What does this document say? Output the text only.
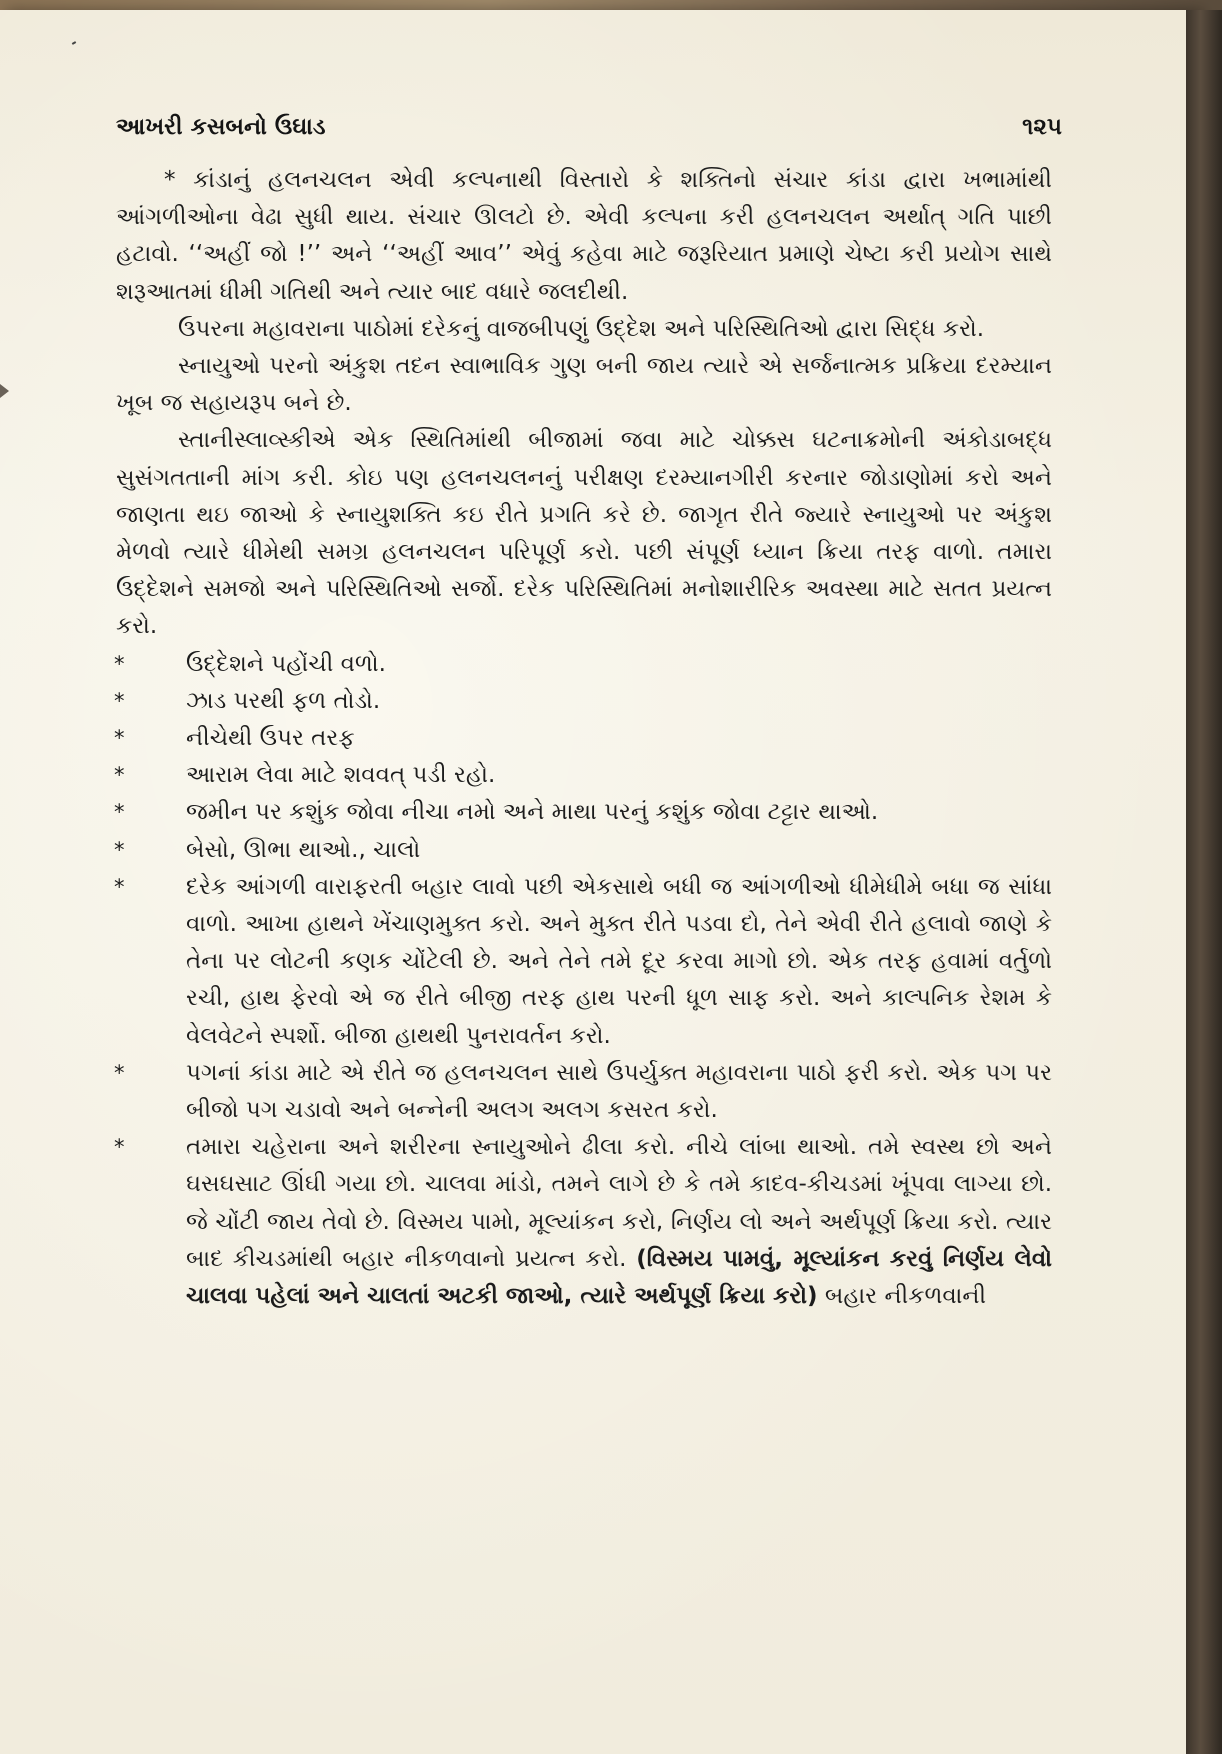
આખરી કસબનો ઉઘાડ	૧૨૫

* કાંડાનું હલનચલન એવી કલ્પનાથી વિસ્તારો કે શક્તિનો સંચાર કાંડા દ્વારા ખભામાંથી આંગળીઓના વેઢા સુધી થાય. સંચાર ઊલટો છે. એવી કલ્પના કરી હલનચલન અર્થાત્ ગતિ પાછી હટાવો. ‘‘અહીં જો !’’ અને ‘‘અહીં આવ’’ એવું કહેવા માટે જરૂરિયાત પ્રમાણે ચેષ્ટા કરી પ્રયોગ સાથે શરૂઆતમાં ધીમી ગતિથી અને ત્યાર બાદ વધારે જલદીથી.

ઉપરના મહાવરાના પાઠોમાં દરેકનું વાજબીપણું ઉદ્દેશ અને પરિસ્થિતિઓ દ્વારા સિદ્ધ કરો.

સ્નાયુઓ પરનો અંકુશ તદન સ્વાભાવિક ગુણ બની જાય ત્યારે એ સર્જનાત્મક પ્રક્રિયા દરમ્યાન ખૂબ જ સહાયરૂપ બને છે.

સ્તાનીસ્લાવ્સ્કીએ એક સ્થિતિમાંથી બીજામાં જવા માટે ચોક્કસ ઘટનાક્રમોની અંકોડાબદ્ધ સુસંગતતાની માંગ કરી. કોઇ પણ હલનચલનનું પરીક્ષણ દરમ્યાનગીરી કરનાર જોડાણોમાં કરો અને જાણતા થઇ જાઓ કે સ્નાયુશક્તિ કઇ રીતે પ્રગતિ કરે છે. જાગૃત રીતે જ્યારે સ્નાયુઓ પર અંકુશ મેળવો ત્યારે ધીમેથી સમગ્ર હલનચલન પરિપૂર્ણ કરો. પછી સંપૂર્ણ ધ્યાન ક્રિયા તરફ વાળો. તમારા ઉદ્દેશને સમજો અને પરિસ્થિતિઓ સર્જો. દરેક પરિસ્થિતિમાં મનોશારીરિક અવસ્થા માટે સતત પ્રયત્ન કરો.

*	ઉદ્દેશને પહોંચી વળો.
*	ઝાડ પરથી ફળ તોડો.
*	નીચેથી ઉપર તરફ
*	આરામ લેવા માટે શવવત્ પડી રહો.
*	જમીન પર કશુંક જોવા નીચા નમો અને માથા પરનું કશુંક જોવા ટટ્ટાર થાઓ.
*	બેસો, ઊભા થાઓ., ચાલો
*	દરેક આંગળી વારાફરતી બહાર લાવો પછી એકસાથે બધી જ આંગળીઓ ધીમેધીમે બધા જ સાંધા વાળો. આખા હાથને ખેંચાણમુક્ત કરો. અને મુક્ત રીતે પડવા દો, તેને એવી રીતે હલાવો જાણે કે તેના પર લોટની કણક ચોંટેલી છે. અને તેને તમે દૂર કરવા માગો છો. એક તરફ હવામાં વર્તુળો રચી, હાથ ફેરવો એ જ રીતે બીજી તરફ હાથ પરની ધૂળ સાફ કરો. અને કાલ્પનિક રેશમ કે વેલવેટને સ્પર્શો. બીજા હાથથી પુનરાવર્તન કરો.
*	પગનાં કાંડા માટે એ રીતે જ હલનચલન સાથે ઉપર્યુક્ત મહાવરાના પાઠો ફરી કરો. એક પગ પર બીજો પગ ચડાવો અને બન્નેની અલગ અલગ કસરત કરો.
*	તમારા ચહેરાના અને શરીરના સ્નાયુઓને ઢીલા કરો. નીચે લાંબા થાઓ. તમે સ્વસ્થ છો અને ઘસઘસાટ ઊંઘી ગયા છો. ચાલવા માંડો, તમને લાગે છે કે તમે કાદવ-કીચડમાં ખૂંપવા લાગ્યા છો. જે ચોંટી જાય તેવો છે. વિસ્મય પામો, મૂલ્યાંકન કરો, નિર્ણય લો અને અર્થપૂર્ણ ક્રિયા કરો. ત્યાર બાદ કીચડમાંથી બહાર નીકળવાનો પ્રયત્ન કરો. (વિસ્મય પામવું, મૂલ્યાંકન કરવું નિર્ણય લેવો ચાલવા પહેલાં અને ચાલતાં અટકી જાઓ, ત્યારે અર્થપૂર્ણ ક્રિયા કરો) બહાર નીકળવાની
